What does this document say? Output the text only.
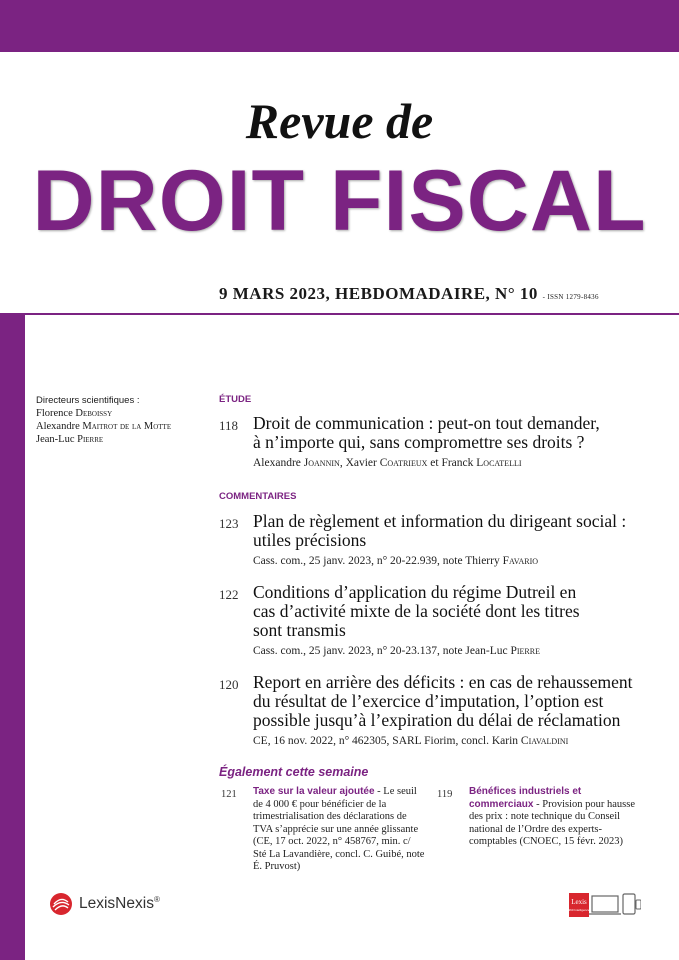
Revue de
DROIT FISCAL
9 MARS 2023, HEBDOMADAIRE, N° 10 - ISSN 1279-8436
Directeurs scientifiques :
Florence Deboissy
Alexandre Maitrot de la Motte
Jean-Luc Pierre
ÉTUDE
118 Droit de communication : peut-on tout demander,
à n’importe qui, sans compromettre ses droits ?
Alexandre Joannin, Xavier Coatrieux et Franck Locatelli
COMMENTAIRES
123 Plan de règlement et information du dirigeant social :
utiles précisions
Cass. com., 25 janv. 2023, n° 20-22.939, note Thierry Favario
122 Conditions d’application du régime Dutreil en
cas d’activité mixte de la société dont les titres
sont transmis
Cass. com., 25 janv. 2023, n° 20-23.137, note Jean-Luc Pierre
120 Report en arrière des déficits : en cas de rehaussement
du résultat de l’exercice d’imputation, l’option est
possible jusqu’à l’expiration du délai de réclamation
CE, 16 nov. 2022, n° 462305, SARL Fiorim, concl. Karin Ciavaldini
Également cette semaine
121 Taxe sur la valeur ajoutée - Le seuil de 4 000 € pour bénéficier de la trimestrialisation des déclarations de TVA s’apprécie sur une année glissante (CE, 17 oct. 2022, n° 458767, min. c/ Sté La Lavandière, concl. C. Guibé, note É. Pruvost)
119 Bénéfices industriels et commerciaux - Provision pour hausse des prix : note technique du Conseil national de l’Ordre des experts-comptables (CNOEC, 15 févr. 2023)
LexisNexis®	Lexis
360 Intelligence
